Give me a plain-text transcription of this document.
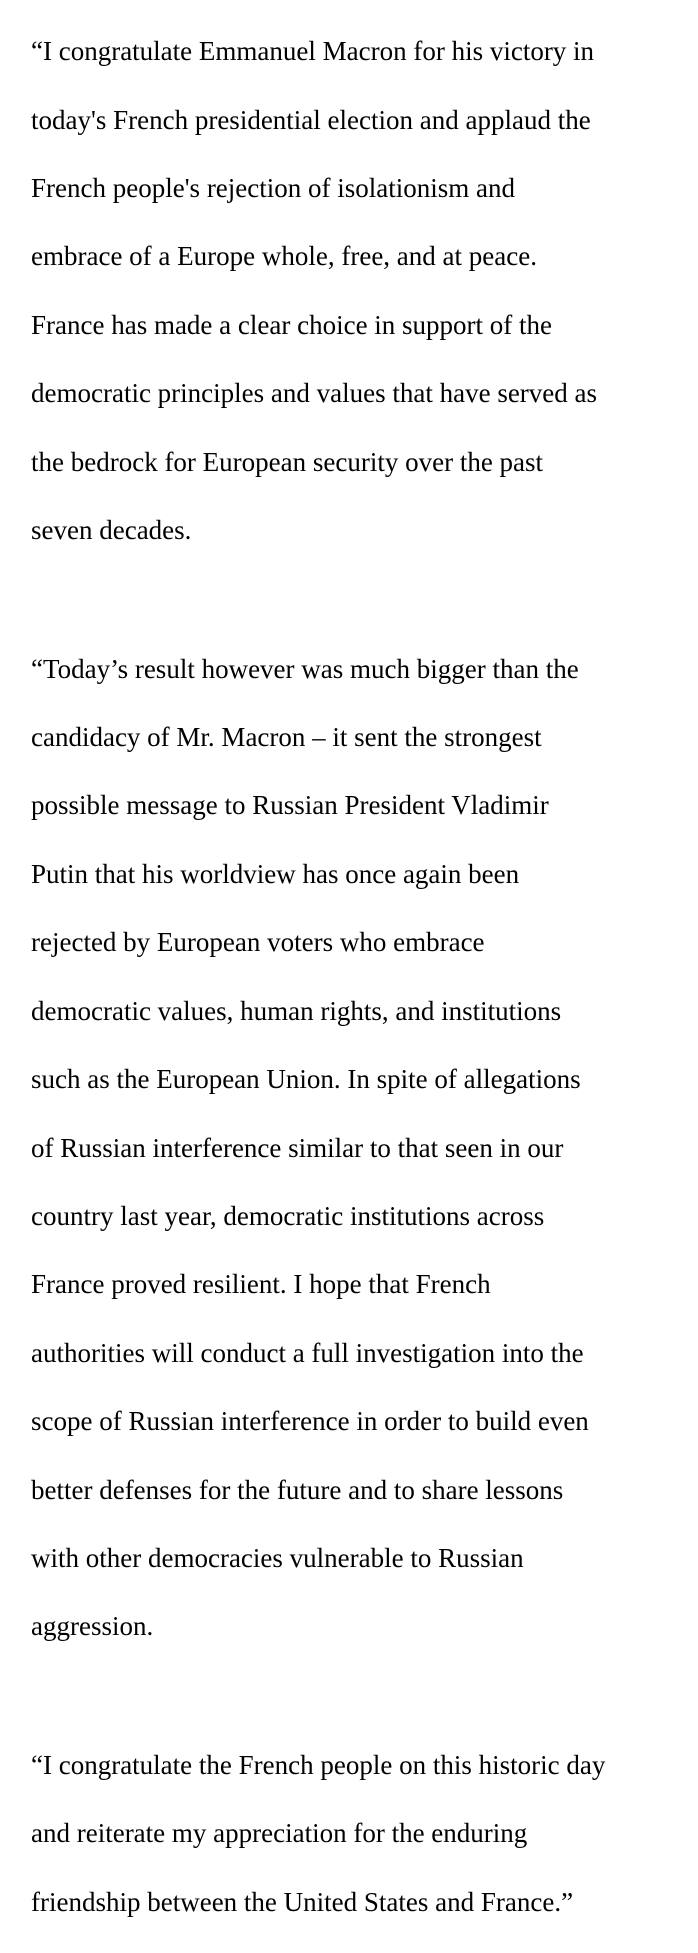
“I congratulate Emmanuel Macron for his victory in

today's French presidential election and applaud the

French people's rejection of isolationism and

embrace of a Europe whole, free, and at peace.

France has made a clear choice in support of the

democratic principles and values that have served as

the bedrock for European security over the past

seven decades.

“Today’s result however was much bigger than the

candidacy of Mr. Macron – it sent the strongest

possible message to Russian President Vladimir

Putin that his worldview has once again been

rejected by European voters who embrace

democratic values, human rights, and institutions

such as the European Union. In spite of allegations

of Russian interference similar to that seen in our

country last year, democratic institutions across

France proved resilient. I hope that French

authorities will conduct a full investigation into the

scope of Russian interference in order to build even

better defenses for the future and to share lessons

with other democracies vulnerable to Russian

aggression.

“I congratulate the French people on this historic day

and reiterate my appreciation for the enduring

friendship between the United States and France.”
